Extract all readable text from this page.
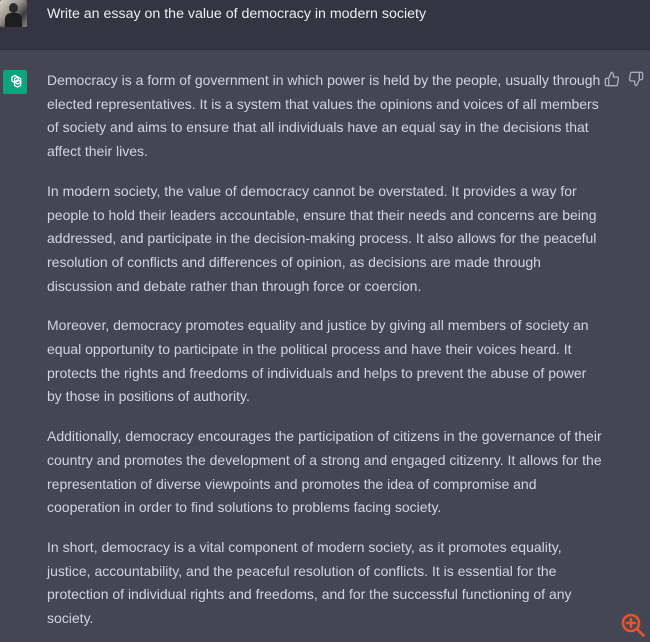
Write an essay on the value of democracy in modern society

Democracy is a form of government in which power is held by the people, usually through
elected representatives. It is a system that values the opinions and voices of all members
of society and aims to ensure that all individuals have an equal say in the decisions that
affect their lives.

In modern society, the value of democracy cannot be overstated. It provides a way for
people to hold their leaders accountable, ensure that their needs and concerns are being
addressed, and participate in the decision-making process. It also allows for the peaceful
resolution of conflicts and differences of opinion, as decisions are made through
discussion and debate rather than through force or coercion.

Moreover, democracy promotes equality and justice by giving all members of society an
equal opportunity to participate in the political process and have their voices heard. It
protects the rights and freedoms of individuals and helps to prevent the abuse of power
by those in positions of authority.

Additionally, democracy encourages the participation of citizens in the governance of their
country and promotes the development of a strong and engaged citizenry. It allows for the
representation of diverse viewpoints and promotes the idea of compromise and
cooperation in order to find solutions to problems facing society.

In short, democracy is a vital component of modern society, as it promotes equality,
justice, accountability, and the peaceful resolution of conflicts. It is essential for the
protection of individual rights and freedoms, and for the successful functioning of any
society.
